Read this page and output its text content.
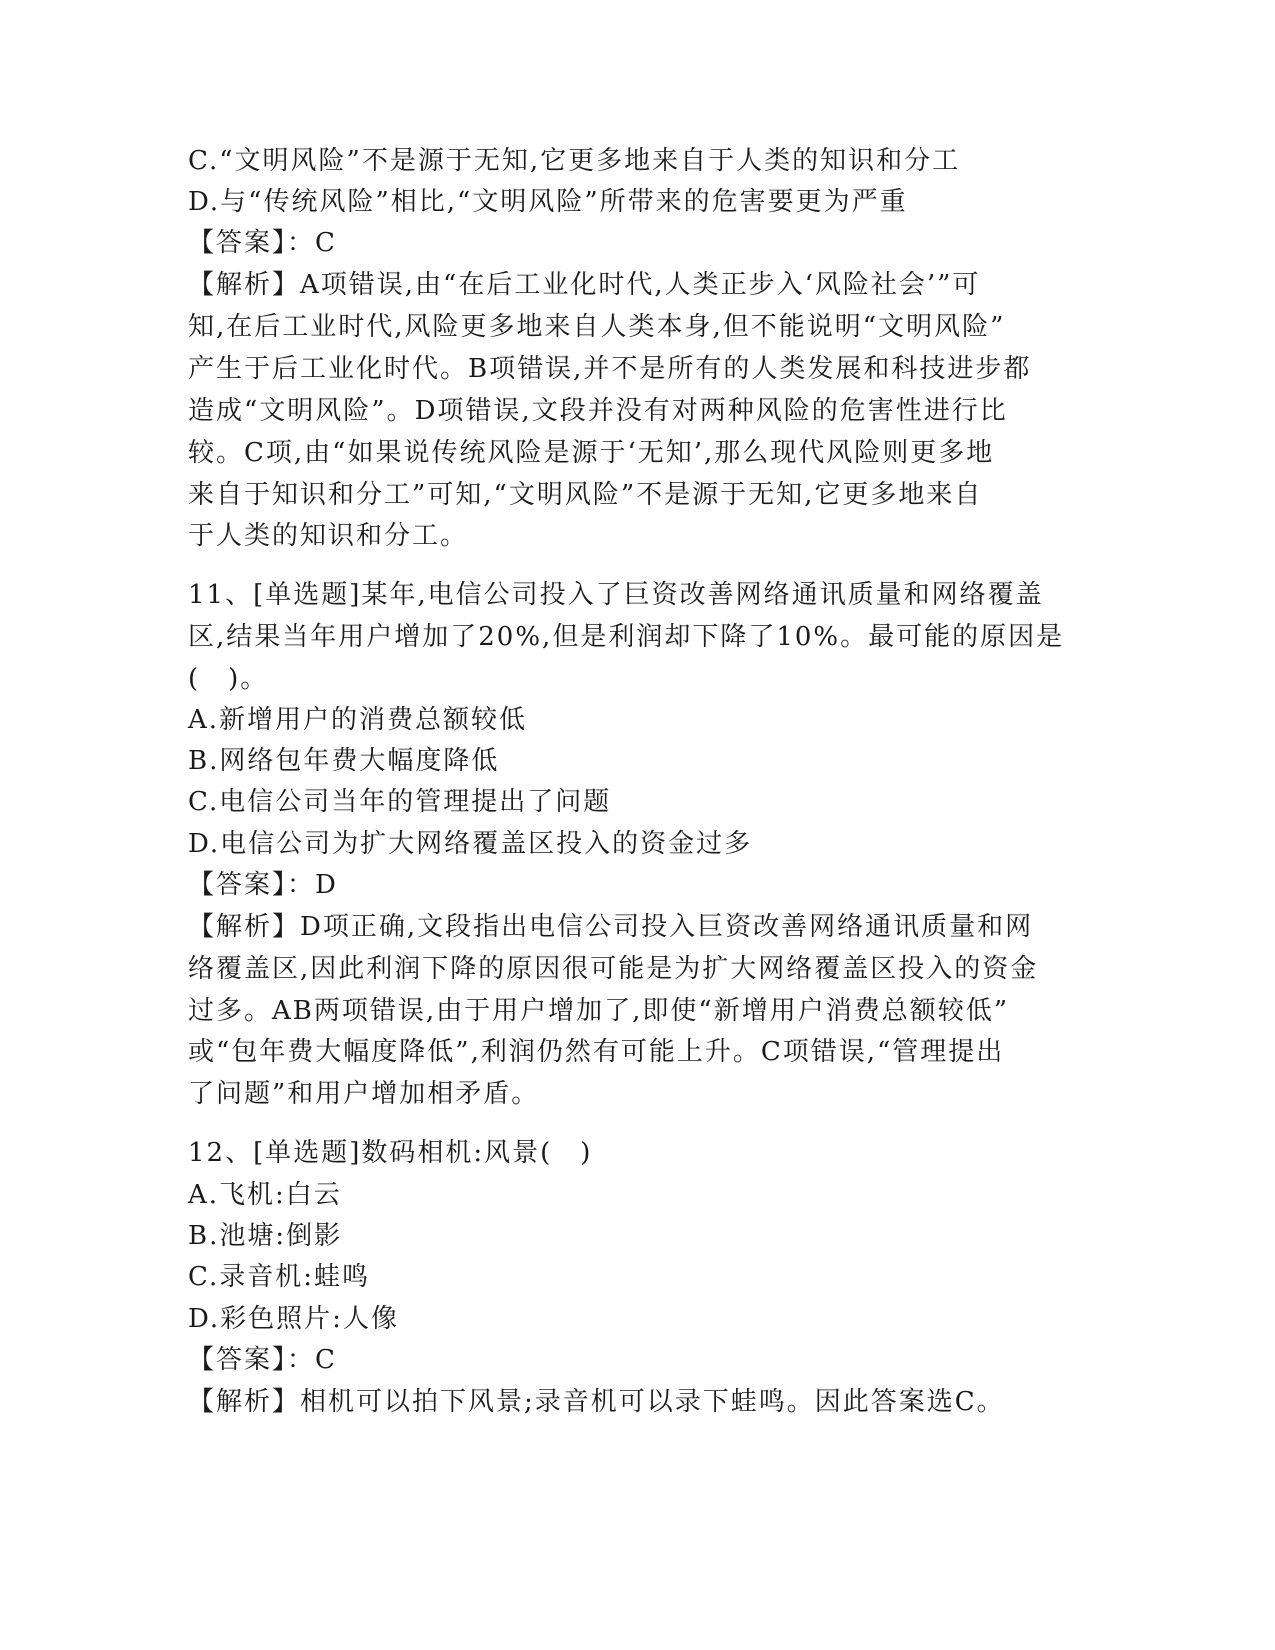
C.“文明风险”不是源于无知,它更多地来自于人类的知识和分工
D.与“传统风险”相比,“文明风险”所带来的危害要更为严重
【答案】：C
【解析】A项错误,由“在后工业化时代,人类正步入‘风险社会’”可
知,在后工业时代,风险更多地来自人类本身,但不能说明“文明风险”
产生于后工业化时代。B项错误,并不是所有的人类发展和科技进步都
造成“文明风险”。D项错误,文段并没有对两种风险的危害性进行比
较。C项,由“如果说传统风险是源于‘无知’,那么现代风险则更多地
来自于知识和分工”可知,“文明风险”不是源于无知,它更多地来自
于人类的知识和分工。
11、[单选题]某年,电信公司投入了巨资改善网络通讯质量和网络覆盖
区,结果当年用户增加了20%,但是利润却下降了10%。最可能的原因是
(　)。
A.新增用户的消费总额较低
B.网络包年费大幅度降低
C.电信公司当年的管理提出了问题
D.电信公司为扩大网络覆盖区投入的资金过多
【答案】：D
【解析】D项正确,文段指出电信公司投入巨资改善网络通讯质量和网
络覆盖区,因此利润下降的原因很可能是为扩大网络覆盖区投入的资金
过多。AB两项错误,由于用户增加了,即使“新增用户消费总额较低”
或“包年费大幅度降低”,利润仍然有可能上升。C项错误,“管理提出
了问题”和用户增加相矛盾。
12、[单选题]数码相机:风景(　)
A.飞机:白云
B.池塘:倒影
C.录音机:蛙鸣
D.彩色照片:人像
【答案】：C
【解析】相机可以拍下风景;录音机可以录下蛙鸣。因此答案选C。
